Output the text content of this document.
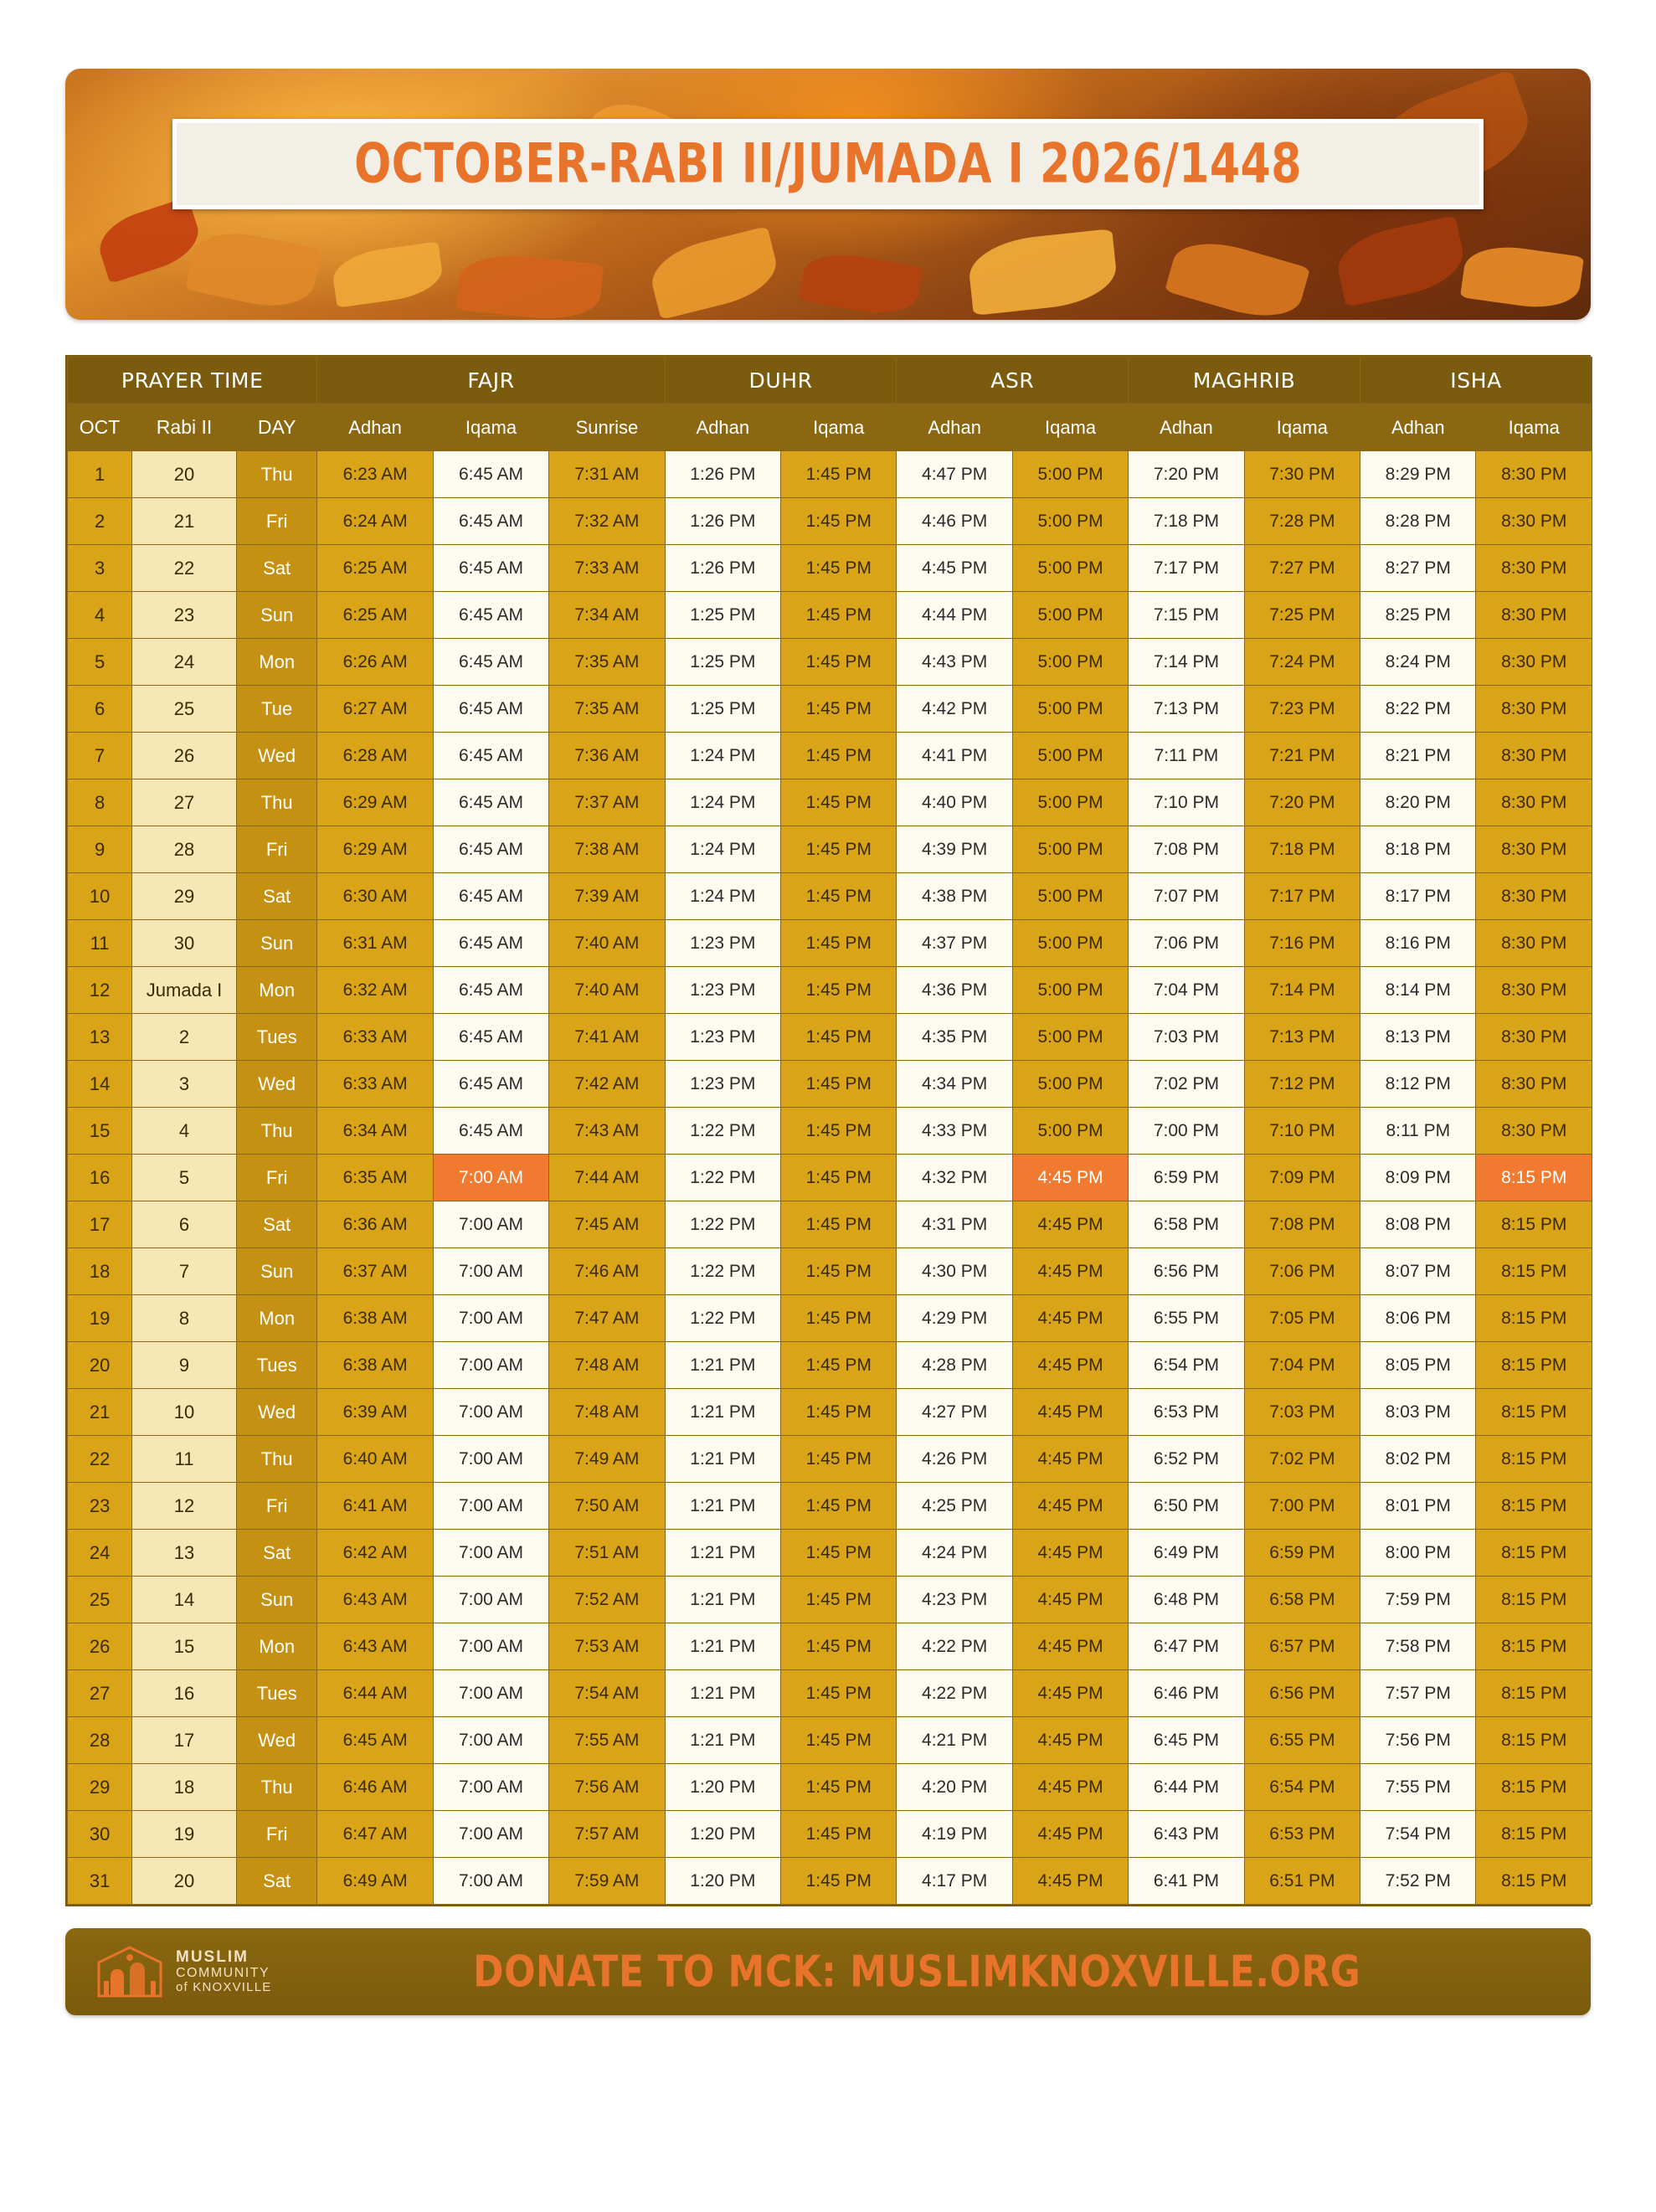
OCTOBER-RABI II/JUMADA I 2026/1448
PRAYER TIME			FAJR			DUHR		ASR		MAGHRIB		ISHA	
OCT	Rabi II	DAY	Adhan	Iqama	Sunrise	Adhan	Iqama	Adhan	Iqama	Adhan	Iqama	Adhan	Iqama
1	20	Thu	6:23 AM	6:45 AM	7:31 AM	1:26 PM	1:45 PM	4:47 PM	5:00 PM	7:20 PM	7:30 PM	8:29 PM	8:30 PM
2	21	Fri	6:24 AM	6:45 AM	7:32 AM	1:26 PM	1:45 PM	4:46 PM	5:00 PM	7:18 PM	7:28 PM	8:28 PM	8:30 PM
3	22	Sat	6:25 AM	6:45 AM	7:33 AM	1:26 PM	1:45 PM	4:45 PM	5:00 PM	7:17 PM	7:27 PM	8:27 PM	8:30 PM
4	23	Sun	6:25 AM	6:45 AM	7:34 AM	1:25 PM	1:45 PM	4:44 PM	5:00 PM	7:15 PM	7:25 PM	8:25 PM	8:30 PM
5	24	Mon	6:26 AM	6:45 AM	7:35 AM	1:25 PM	1:45 PM	4:43 PM	5:00 PM	7:14 PM	7:24 PM	8:24 PM	8:30 PM
6	25	Tue	6:27 AM	6:45 AM	7:35 AM	1:25 PM	1:45 PM	4:42 PM	5:00 PM	7:13 PM	7:23 PM	8:22 PM	8:30 PM
7	26	Wed	6:28 AM	6:45 AM	7:36 AM	1:24 PM	1:45 PM	4:41 PM	5:00 PM	7:11 PM	7:21 PM	8:21 PM	8:30 PM
8	27	Thu	6:29 AM	6:45 AM	7:37 AM	1:24 PM	1:45 PM	4:40 PM	5:00 PM	7:10 PM	7:20 PM	8:20 PM	8:30 PM
9	28	Fri	6:29 AM	6:45 AM	7:38 AM	1:24 PM	1:45 PM	4:39 PM	5:00 PM	7:08 PM	7:18 PM	8:18 PM	8:30 PM
10	29	Sat	6:30 AM	6:45 AM	7:39 AM	1:24 PM	1:45 PM	4:38 PM	5:00 PM	7:07 PM	7:17 PM	8:17 PM	8:30 PM
11	30	Sun	6:31 AM	6:45 AM	7:40 AM	1:23 PM	1:45 PM	4:37 PM	5:00 PM	7:06 PM	7:16 PM	8:16 PM	8:30 PM
12	Jumada I	Mon	6:32 AM	6:45 AM	7:40 AM	1:23 PM	1:45 PM	4:36 PM	5:00 PM	7:04 PM	7:14 PM	8:14 PM	8:30 PM
13	2	Tues	6:33 AM	6:45 AM	7:41 AM	1:23 PM	1:45 PM	4:35 PM	5:00 PM	7:03 PM	7:13 PM	8:13 PM	8:30 PM
14	3	Wed	6:33 AM	6:45 AM	7:42 AM	1:23 PM	1:45 PM	4:34 PM	5:00 PM	7:02 PM	7:12 PM	8:12 PM	8:30 PM
15	4	Thu	6:34 AM	6:45 AM	7:43 AM	1:22 PM	1:45 PM	4:33 PM	5:00 PM	7:00 PM	7:10 PM	8:11 PM	8:30 PM
16	5	Fri	6:35 AM	7:00 AM	7:44 AM	1:22 PM	1:45 PM	4:32 PM	4:45 PM	6:59 PM	7:09 PM	8:09 PM	8:15 PM
17	6	Sat	6:36 AM	7:00 AM	7:45 AM	1:22 PM	1:45 PM	4:31 PM	4:45 PM	6:58 PM	7:08 PM	8:08 PM	8:15 PM
18	7	Sun	6:37 AM	7:00 AM	7:46 AM	1:22 PM	1:45 PM	4:30 PM	4:45 PM	6:56 PM	7:06 PM	8:07 PM	8:15 PM
19	8	Mon	6:38 AM	7:00 AM	7:47 AM	1:22 PM	1:45 PM	4:29 PM	4:45 PM	6:55 PM	7:05 PM	8:06 PM	8:15 PM
20	9	Tues	6:38 AM	7:00 AM	7:48 AM	1:21 PM	1:45 PM	4:28 PM	4:45 PM	6:54 PM	7:04 PM	8:05 PM	8:15 PM
21	10	Wed	6:39 AM	7:00 AM	7:48 AM	1:21 PM	1:45 PM	4:27 PM	4:45 PM	6:53 PM	7:03 PM	8:03 PM	8:15 PM
22	11	Thu	6:40 AM	7:00 AM	7:49 AM	1:21 PM	1:45 PM	4:26 PM	4:45 PM	6:52 PM	7:02 PM	8:02 PM	8:15 PM
23	12	Fri	6:41 AM	7:00 AM	7:50 AM	1:21 PM	1:45 PM	4:25 PM	4:45 PM	6:50 PM	7:00 PM	8:01 PM	8:15 PM
24	13	Sat	6:42 AM	7:00 AM	7:51 AM	1:21 PM	1:45 PM	4:24 PM	4:45 PM	6:49 PM	6:59 PM	8:00 PM	8:15 PM
25	14	Sun	6:43 AM	7:00 AM	7:52 AM	1:21 PM	1:45 PM	4:23 PM	4:45 PM	6:48 PM	6:58 PM	7:59 PM	8:15 PM
26	15	Mon	6:43 AM	7:00 AM	7:53 AM	1:21 PM	1:45 PM	4:22 PM	4:45 PM	6:47 PM	6:57 PM	7:58 PM	8:15 PM
27	16	Tues	6:44 AM	7:00 AM	7:54 AM	1:21 PM	1:45 PM	4:22 PM	4:45 PM	6:46 PM	6:56 PM	7:57 PM	8:15 PM
28	17	Wed	6:45 AM	7:00 AM	7:55 AM	1:21 PM	1:45 PM	4:21 PM	4:45 PM	6:45 PM	6:55 PM	7:56 PM	8:15 PM
29	18	Thu	6:46 AM	7:00 AM	7:56 AM	1:20 PM	1:45 PM	4:20 PM	4:45 PM	6:44 PM	6:54 PM	7:55 PM	8:15 PM
30	19	Fri	6:47 AM	7:00 AM	7:57 AM	1:20 PM	1:45 PM	4:19 PM	4:45 PM	6:43 PM	6:53 PM	7:54 PM	8:15 PM
31	20	Sat	6:49 AM	7:00 AM	7:59 AM	1:20 PM	1:45 PM	4:17 PM	4:45 PM	6:41 PM	6:51 PM	7:52 PM	8:15 PM
MUSLIM
COMMUNITY
of KNOXVILLE	DONATE TO MCK: MUSLIMKNOXVILLE.ORG
